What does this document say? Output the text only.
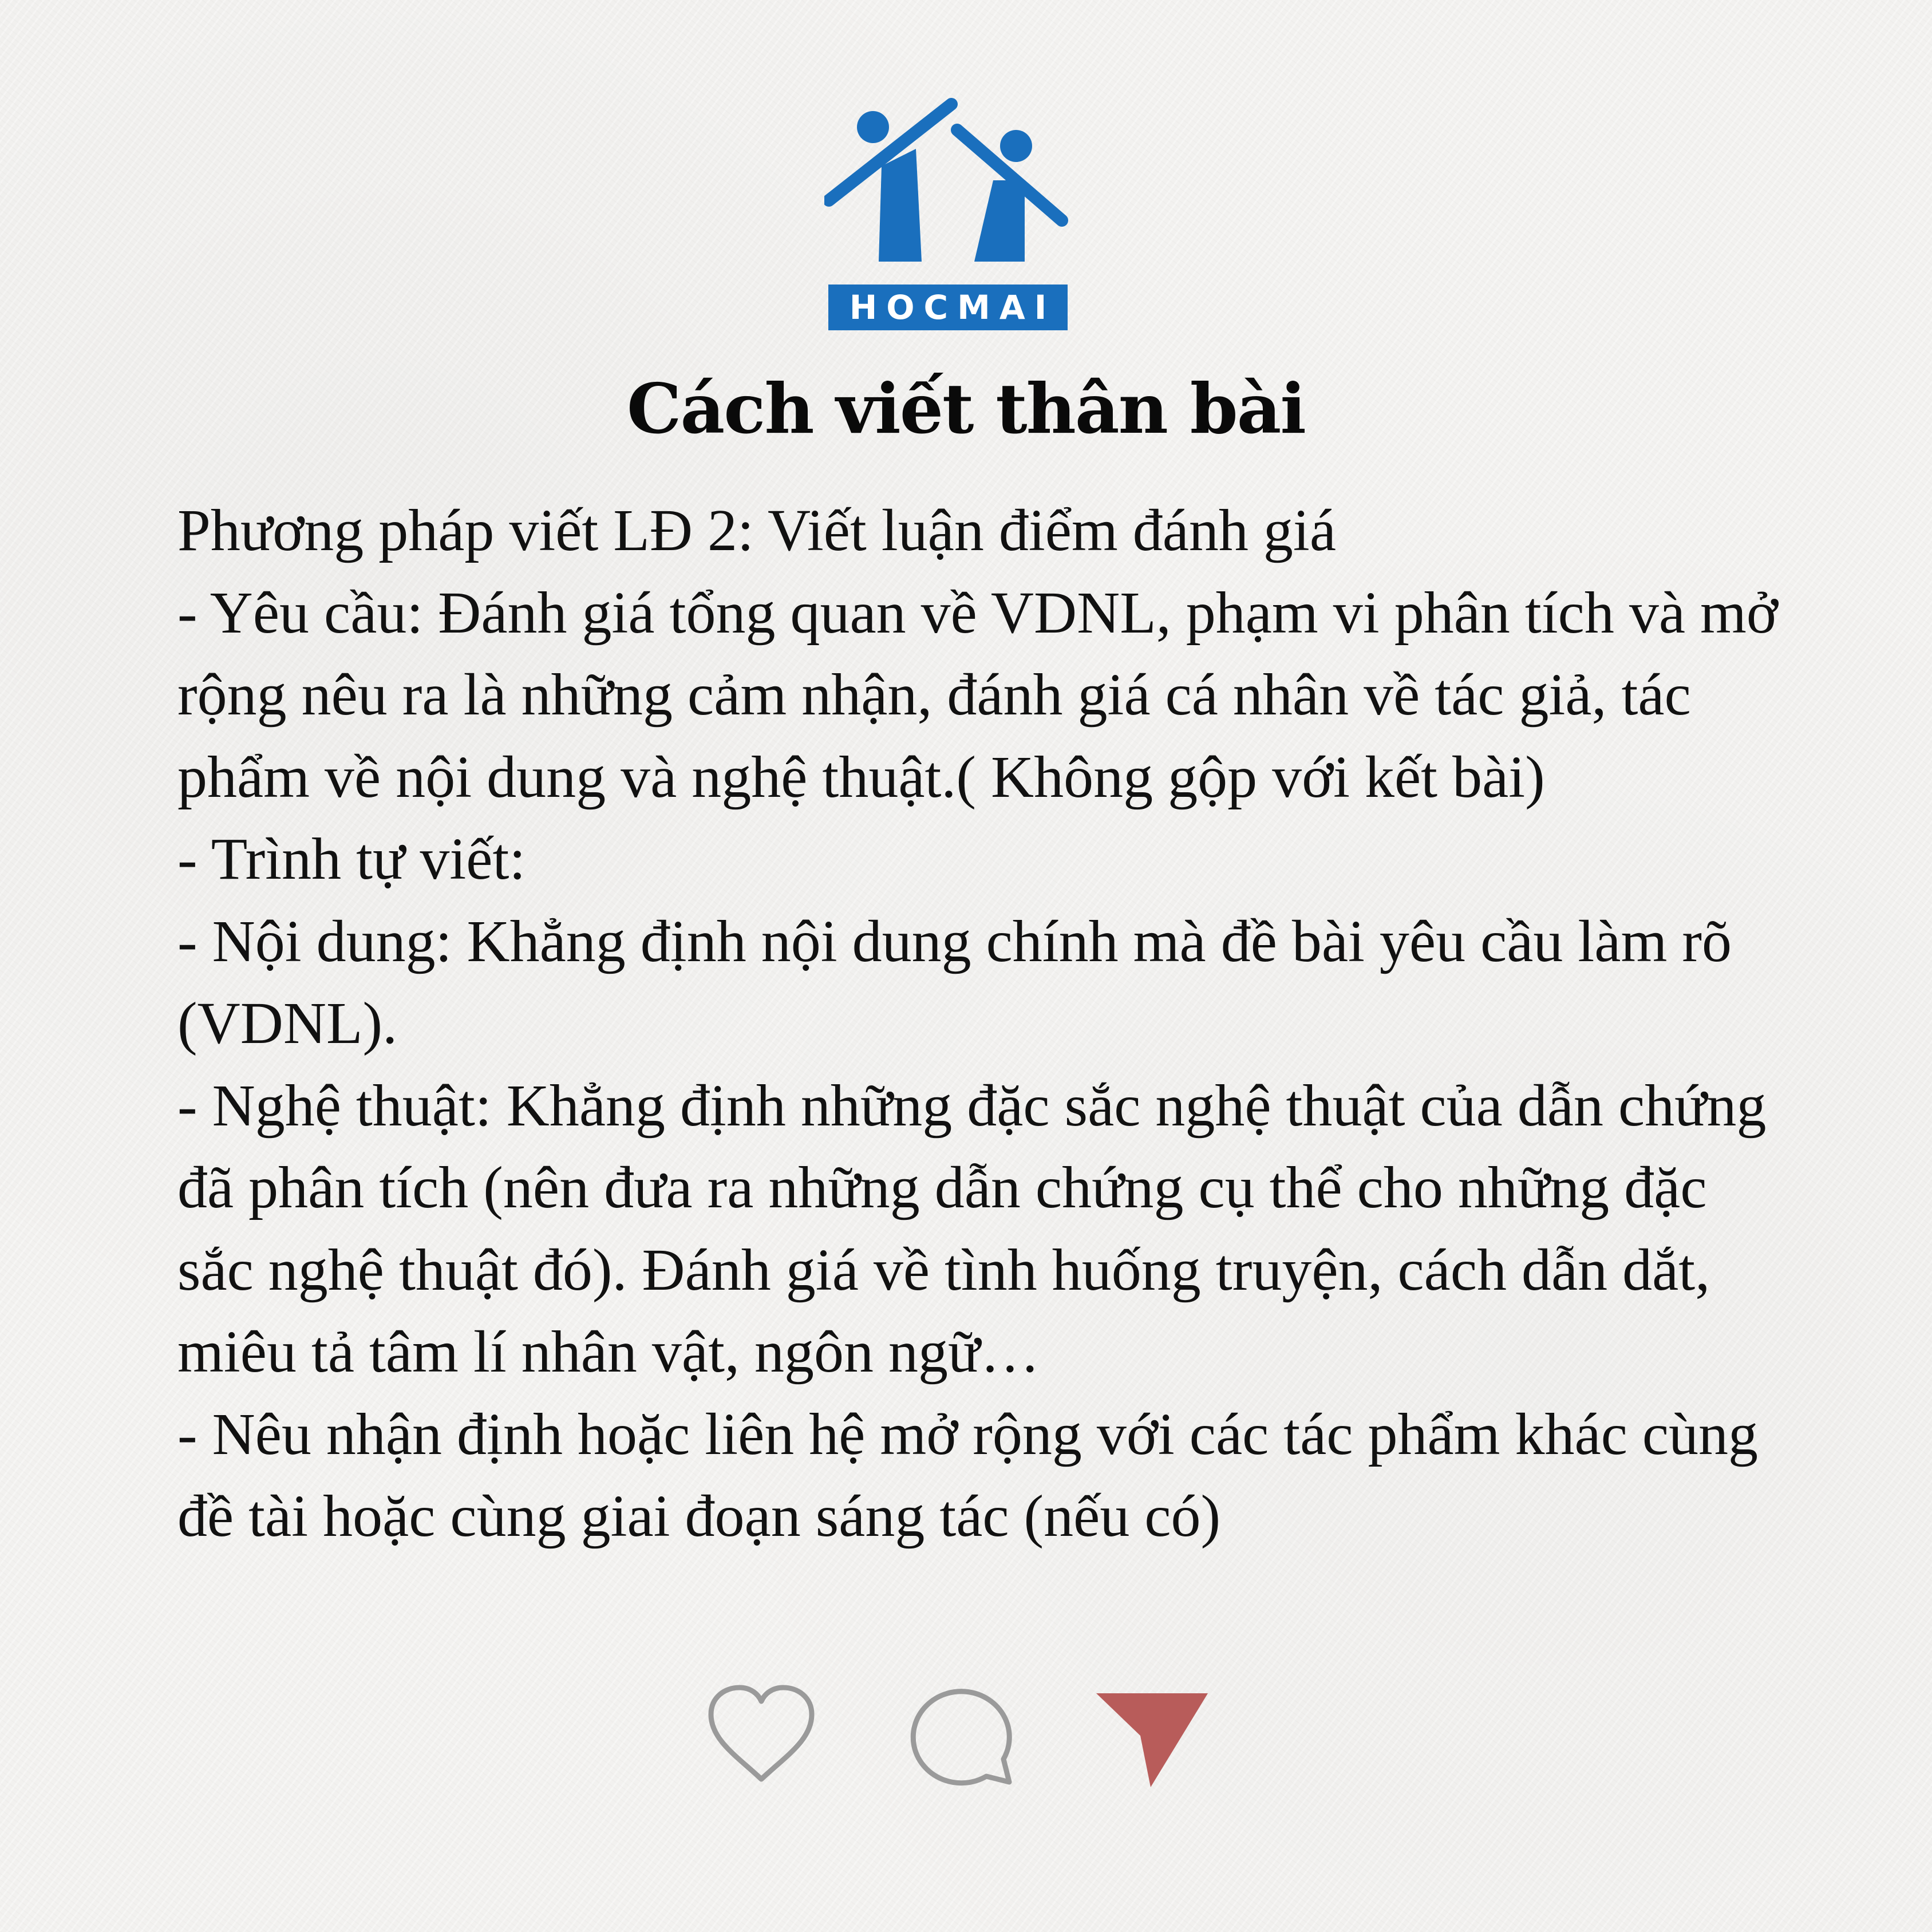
HOCMAI
Cách viết thân bài

Phương pháp viết LĐ 2: Viết luận điểm đánh giá

- Yêu cầu: Đánh giá tổng quan về VDNL, phạm vi phân tích và mở rộng nêu ra là những cảm nhận, đánh giá cá nhân về tác giả, tác phẩm về nội dung và nghệ thuật.( Không gộp với kết bài)

- Trình tự viết:

- Nội dung: Khẳng định nội dung chính mà đề bài yêu cầu làm rõ (VDNL).

- Nghệ thuật: Khẳng định những đặc sắc nghệ thuật của dẫn chứng đã phân tích (nên đưa ra những dẫn chứng cụ thể cho những đặc sắc nghệ thuật đó). Đánh giá về tình huống truyện, cách dẫn dắt, miêu tả tâm lí nhân vật, ngôn ngữ…

- Nêu nhận định hoặc liên hệ mở rộng với các tác phẩm khác cùng đề tài hoặc cùng giai đoạn sáng tác (nếu có)
